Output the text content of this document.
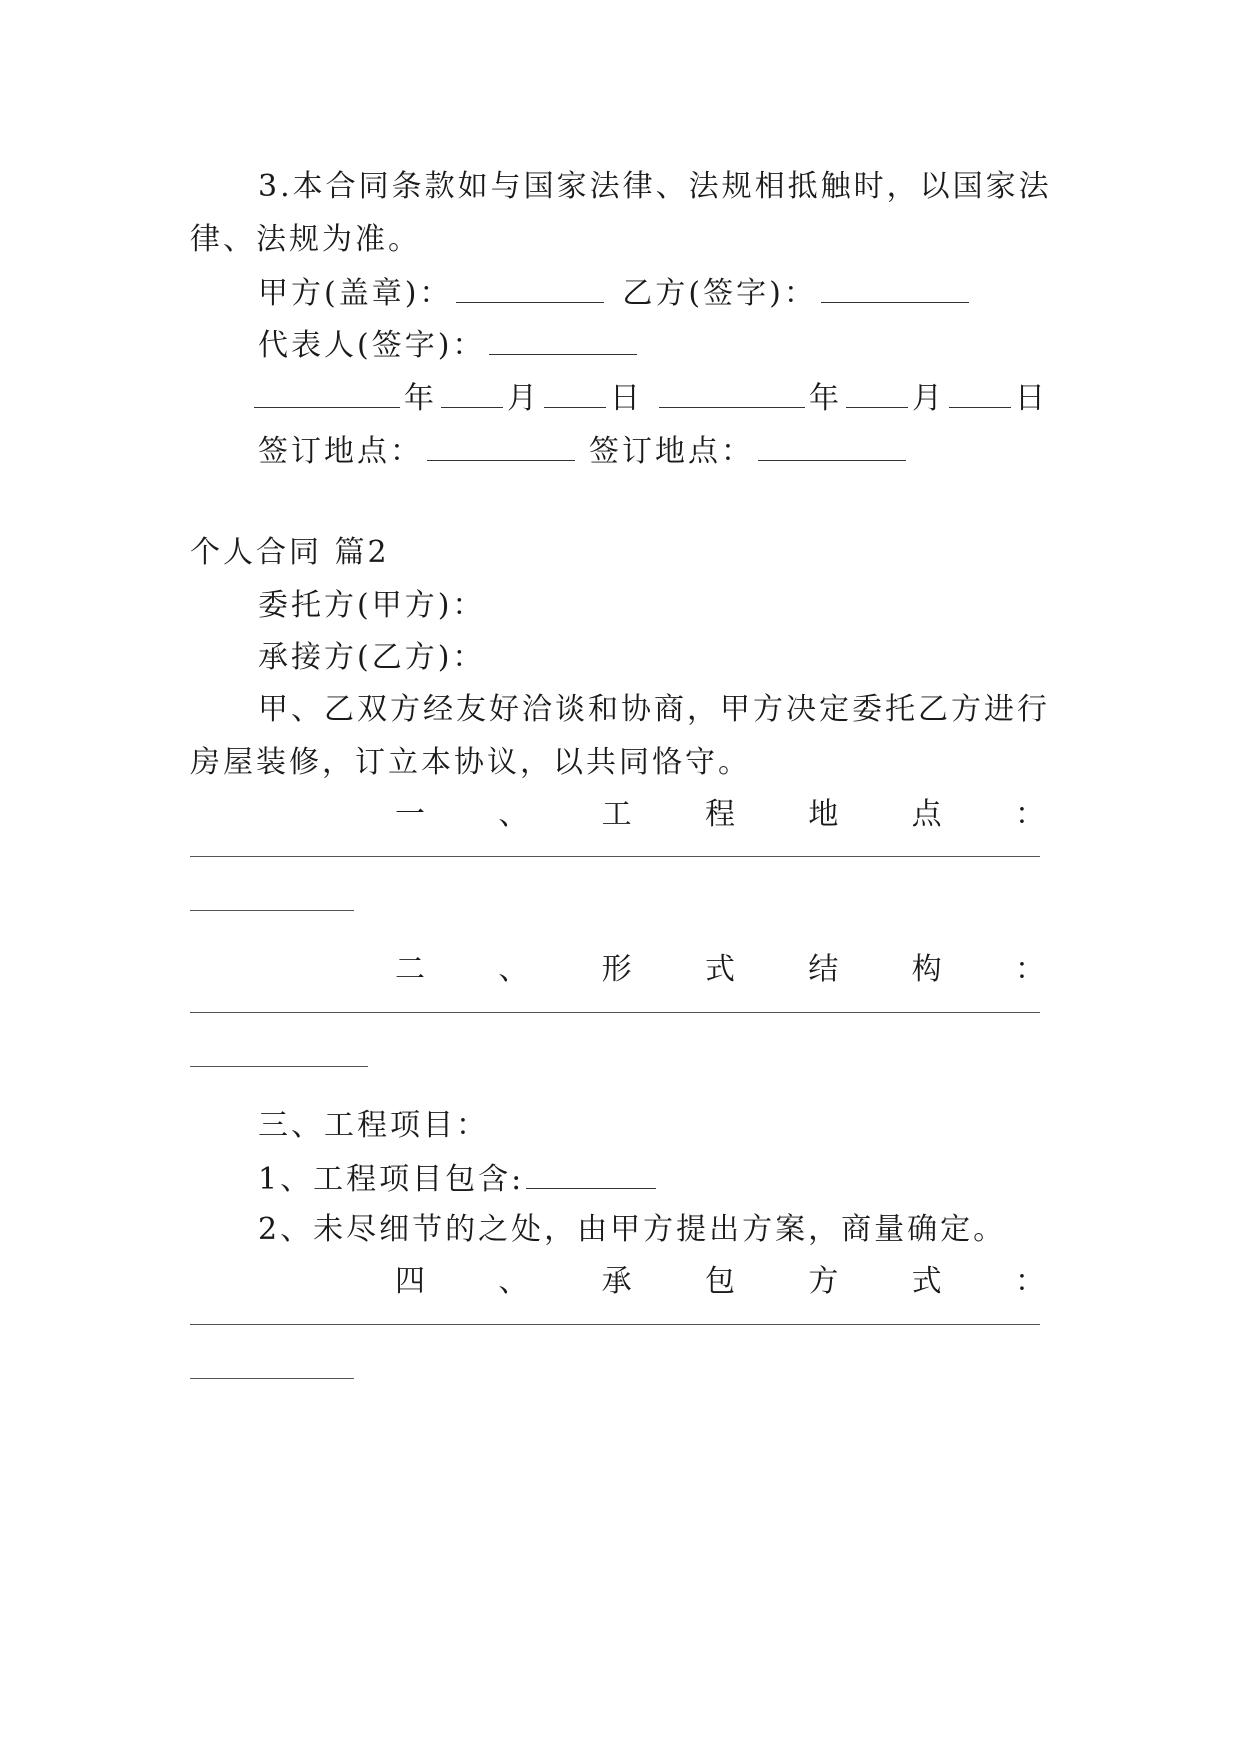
3.本合同条款如与国家法律、法规相抵触时，以国家法
律、法规为准。
甲方(盖章)：	乙方(签字)：
代表人(签字)：
年 月 日	年 月 日
签订地点：	签订地点：
个人合同 篇2
委托方(甲方)：
承接方(乙方)：
甲、乙双方经友好洽谈和协商，甲方决定委托乙方进行
房屋装修，订立本协议，以共同恪守。
一 、 工 程 地 点 ：
二 、 形 式 结 构 ：
三、工程项目：
1、工程项目包含:
2、未尽细节的之处，由甲方提出方案，商量确定。
四 、 承 包 方 式 ：
